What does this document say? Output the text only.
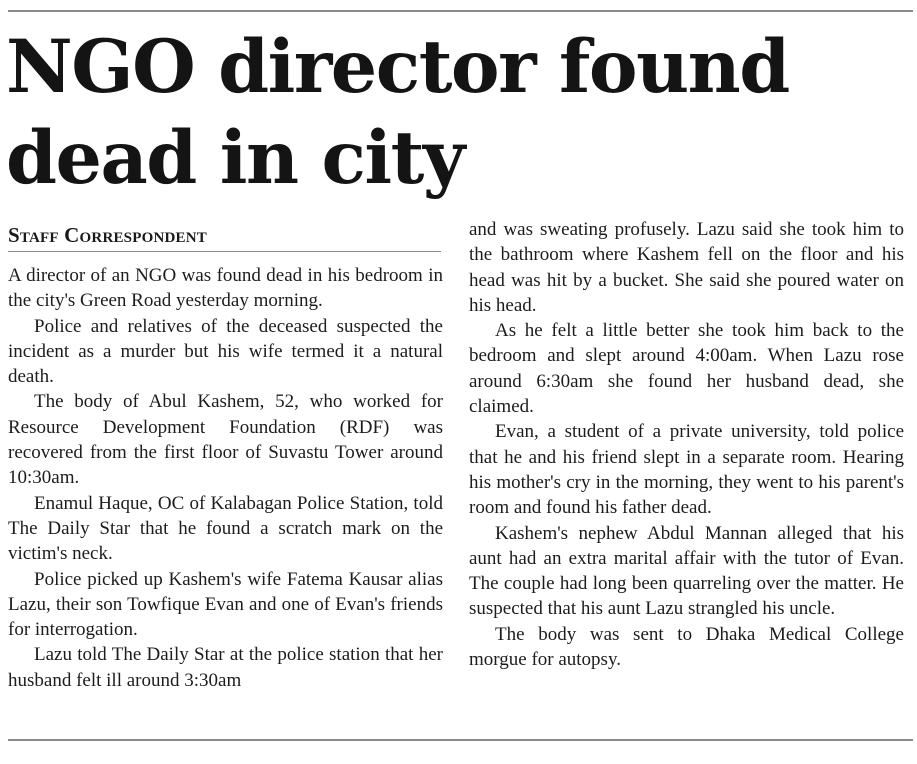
NGO director found
dead in city
Staff Correspondent

A director of an NGO was found dead in his bedroom in the city's Green Road yesterday morning.

Police and relatives of the deceased suspected the incident as a murder but his wife termed it a natural death.

The body of Abul Kashem, 52, who worked for Resource Development Foundation (RDF) was recovered from the first floor of Suvastu Tower around 10:30am.

Enamul Haque, OC of Kalabagan Police Station, told The Daily Star that he found a scratch mark on the victim's neck.

Police picked up Kashem's wife Fatema Kausar alias Lazu, their son Towfique Evan and one of Evan's friends for interrogation.

Lazu told The Daily Star at the police station that her husband felt ill around 3:30am

and was sweating profusely. Lazu said she took him to the bathroom where Kashem fell on the floor and his head was hit by a bucket. She said she poured water on his head.

As he felt a little better she took him back to the bedroom and slept around 4:00am. When Lazu rose around 6:30am she found her husband dead, she claimed.

Evan, a student of a private university, told police that he and his friend slept in a separate room. Hearing his mother's cry in the morning, they went to his parent's room and found his father dead.

Kashem's nephew Abdul Mannan alleged that his aunt had an extra marital affair with the tutor of Evan. The couple had long been quarreling over the matter. He suspected that his aunt Lazu strangled his uncle.

The body was sent to Dhaka Medical College morgue for autopsy.
